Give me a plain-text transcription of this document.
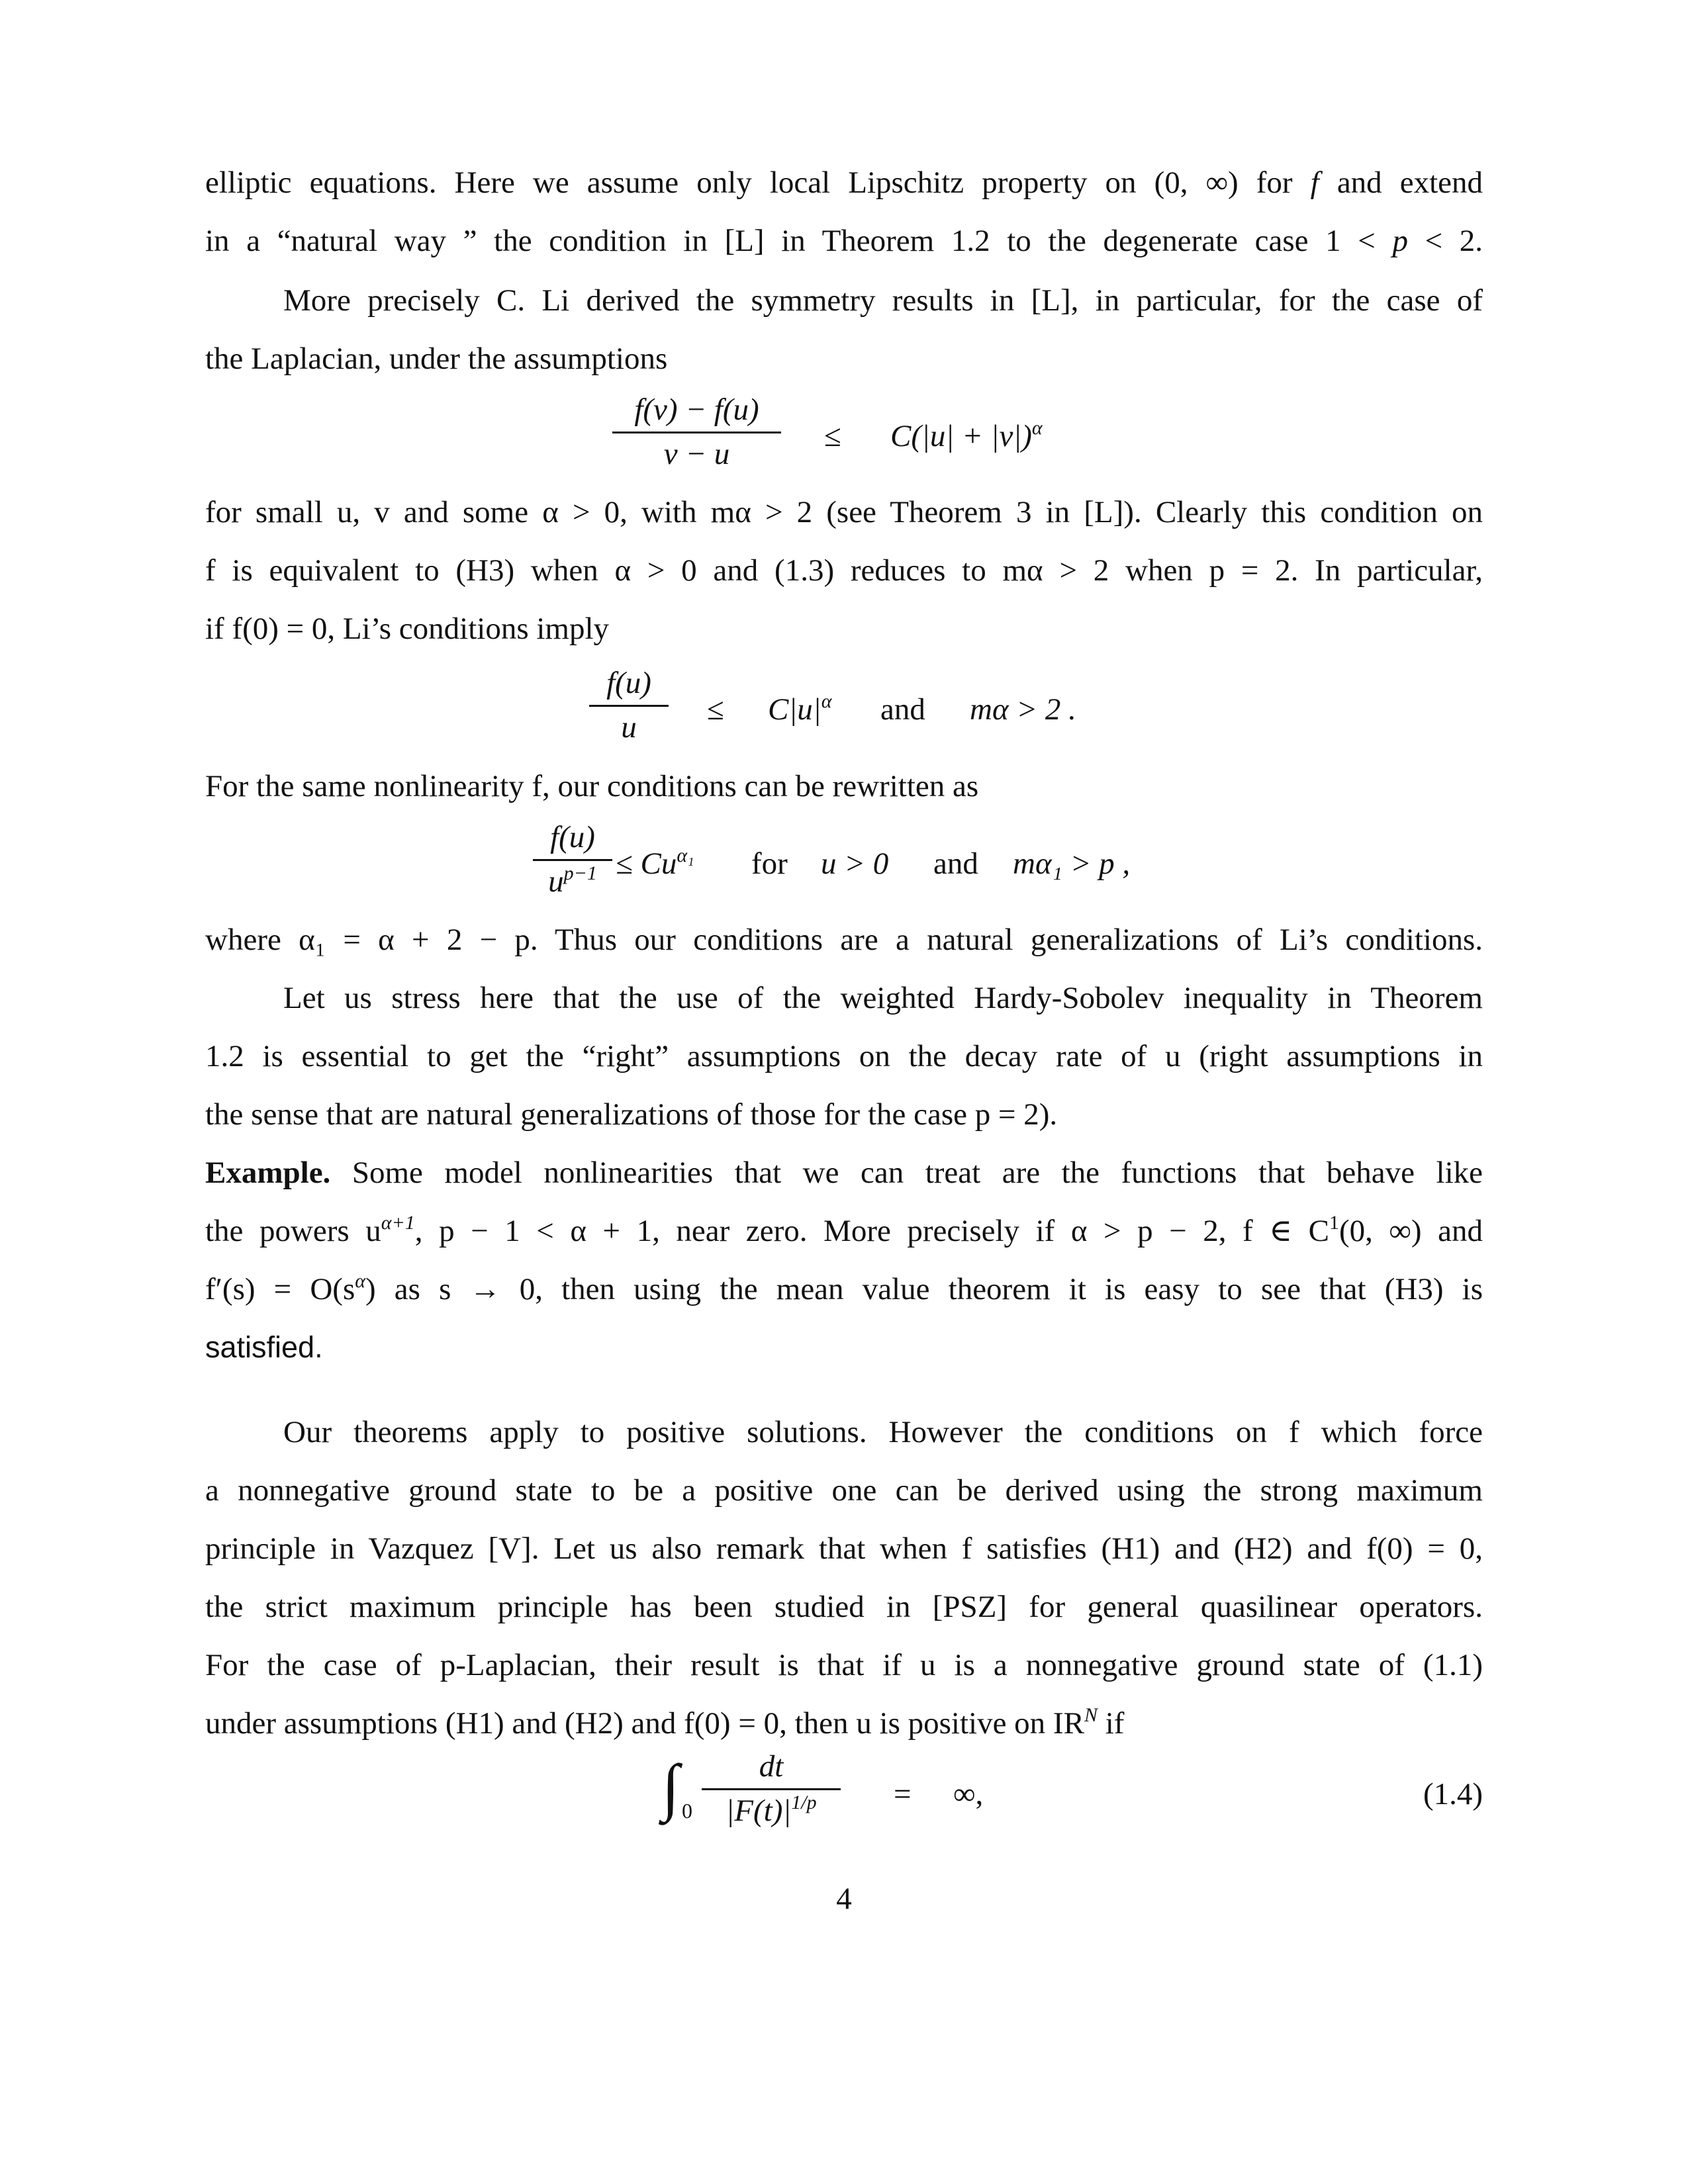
elliptic equations. Here we assume only local Lipschitz property on (0, ∞) for f and extend
in a “natural way ” the condition in [L] in Theorem 1.2 to the degenerate case 1 < p < 2.
More precisely C. Li derived the symmetry results in [L], in particular, for the case of
the Laplacian, under the assumptions
f(v) − f(u)
v − u
≤ $C(|u| + |v|)^\alpha$
for small u, v and some α > 0, with mα > 2 (see Theorem 3 in [L]). Clearly this condition on
f is equivalent to (H3) when α > 0 and (1.3) reduces to mα > 2 when p = 2. In particular,
if f(0) = 0, Li’s conditions imply
f(u)
u
≤ $C|u|^\alpha$ and mα > 2 .
For the same nonlinearity f, our conditions can be rewritten as
f(u)
$u^{p-1} \le Cu^{\alpha_1}$ for u > 0 and mα₁ > p ,
where α₁ = α + 2 − p. Thus our conditions are a natural generalizations of Li’s conditions.
Let us stress here that the use of the weighted Hardy-Sobolev inequality in Theorem
1.2 is essential to get the “right” assumptions on the decay rate of u (right assumptions in
the sense that are natural generalizations of those for the case p = 2).
Example. Some model nonlinearities that we can treat are the functions that behave like
the powers $u^{\alpha+1}$, p − 1 < α + 1, near zero. More precisely if α > p − 2, f ∈ $C^1(0$, ∞) and
$f'(s) = O(s^\alpha)$ as s → 0, then using the mean value theorem it is easy to see that (H3) is
satisfied.
Our theorems apply to positive solutions. However the conditions on f which force
a nonnegative ground state to be a positive one can be derived using the strong maximum
principle in Vazquez [V]. Let us also remark that when f satisfies (H1) and (H2) and f(0) = 0,
the strict maximum principle has been studied in [PSZ] for general quasilinear operators.
For the case of p-Laplacian, their result is that if u is a nonnegative ground state of (1.1)
under assumptions (H1) and (H2) and f(0) = 0, then u is positive on $IR^N$ if
∫ 0
dt
$|F(t)|^{1/p}$	= ∞,	(1.4)
4
